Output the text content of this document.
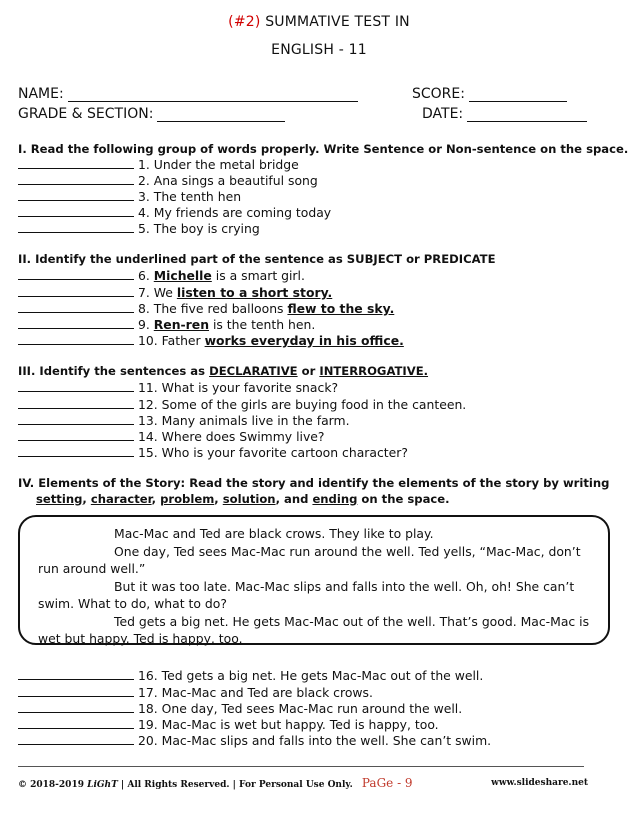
(#2) SUMMATIVE TEST IN
ENGLISH - 11
NAME:	SCORE:
GRADE & SECTION:	DATE:
I. Read the following group of words properly. Write Sentence or Non-sentence on the space.
1. Under the metal bridge
2. Ana sings a beautiful song
3. The tenth hen
4. My friends are coming today
5. The boy is crying
II. Identify the underlined part of the sentence as SUBJECT or PREDICATE
6. Michelle is a smart girl.
7. We listen to a short story.
8. The five red balloons flew to the sky.
9. Ren-ren is the tenth hen.
10. Father works everyday in his office.
III. Identify the sentences as DECLARATIVE or INTERROGATIVE.
11. What is your favorite snack?
12. Some of the girls are buying food in the canteen.
13. Many animals live in the farm.
14. Where does Swimmy live?
15. Who is your favorite cartoon character?
IV. Elements of the Story: Read the story and identify the elements of the story by writing
setting, character, problem, solution, and ending on the space.

Mac-Mac and Ted are black crows. They like to play.

One day, Ted sees Mac-Mac run around the well. Ted yells, “Mac-Mac, don’t run around well.”

But it was too late. Mac-Mac slips and falls into the well. Oh, oh! She can’t swim. What to do, what to do?

Ted gets a big net. He gets Mac-Mac out of the well. That’s good. Mac-Mac is wet but happy. Ted is happy, too.

16. Ted gets a big net. He gets Mac-Mac out of the well.
17. Mac-Mac and Ted are black crows.
18. One day, Ted sees Mac-Mac run around the well.
19. Mac-Mac is wet but happy. Ted is happy, too.
20. Mac-Mac slips and falls into the well. She can’t swim.
© 2018-2019 LiGhT | All Rights Reserved. | For Personal Use Only. PaGe - 9	www.slideshare.net
